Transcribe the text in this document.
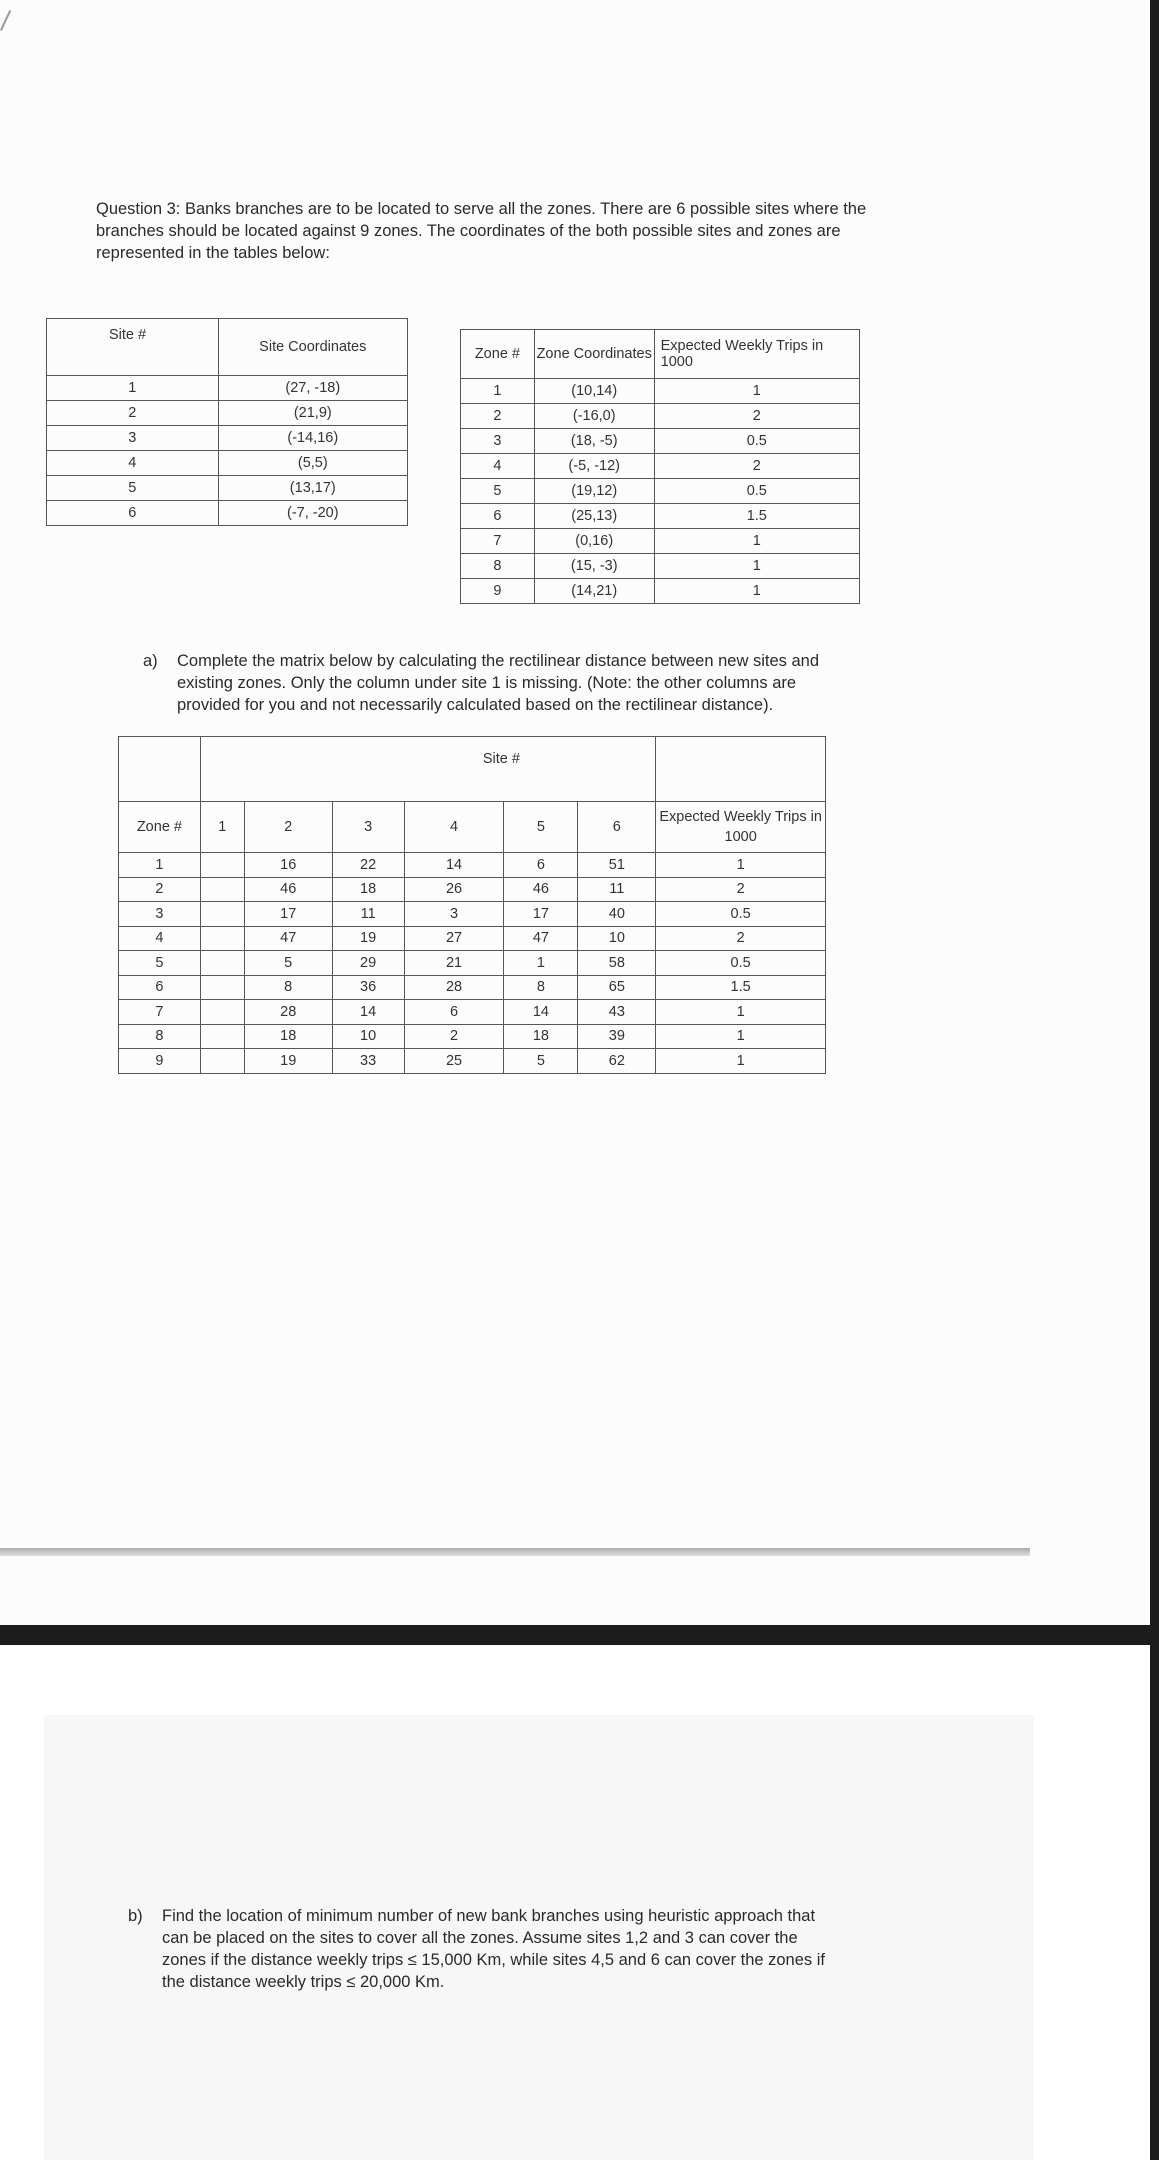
Question 3: Banks branches are to be located to serve all the zones. There are 6 possible sites where the branches should be located against 9 zones. The coordinates of the both possible sites and zones are represented in the tables below:
Site #	Site Coordinates
1	(27, -18)
2	(21,9)
3	(-14,16)
4	(5,5)
5	(13,17)
6	(-7, -20)
Zone #	Zone Coordinates	Expected Weekly Trips in 1000
1	(10,14)	1
2	(-16,0)	2
3	(18, -5)	0.5
4	(-5, -12)	2
5	(19,12)	0.5
6	(25,13)	1.5
7	(0,16)	1
8	(15, -3)	1
9	(14,21)	1
a)	Complete the matrix below by calculating the rectilinear distance between new sites and existing zones. Only the column under site 1 is missing. (Note: the other columns are provided for you and not necessarily calculated based on the rectilinear distance).
	Site #						
Zone #	1	2	3	4	5	6	Expected Weekly Trips in 1000
1		16	22	14	6	51	1
2		46	18	26	46	11	2
3		17	11	3	17	40	0.5
4		47	19	27	47	10	2
5		5	29	21	1	58	0.5
6		8	36	28	8	65	1.5
7		28	14	6	14	43	1
8		18	10	2	18	39	1
9		19	33	25	5	62	1
b)	Find the location of minimum number of new bank branches using heuristic approach that can be placed on the sites to cover all the zones. Assume sites 1,2 and 3 can cover the zones if the distance weekly trips ≤ 15,000 Km, while sites 4,5 and 6 can cover the zones if the distance weekly trips ≤ 20,000 Km.
